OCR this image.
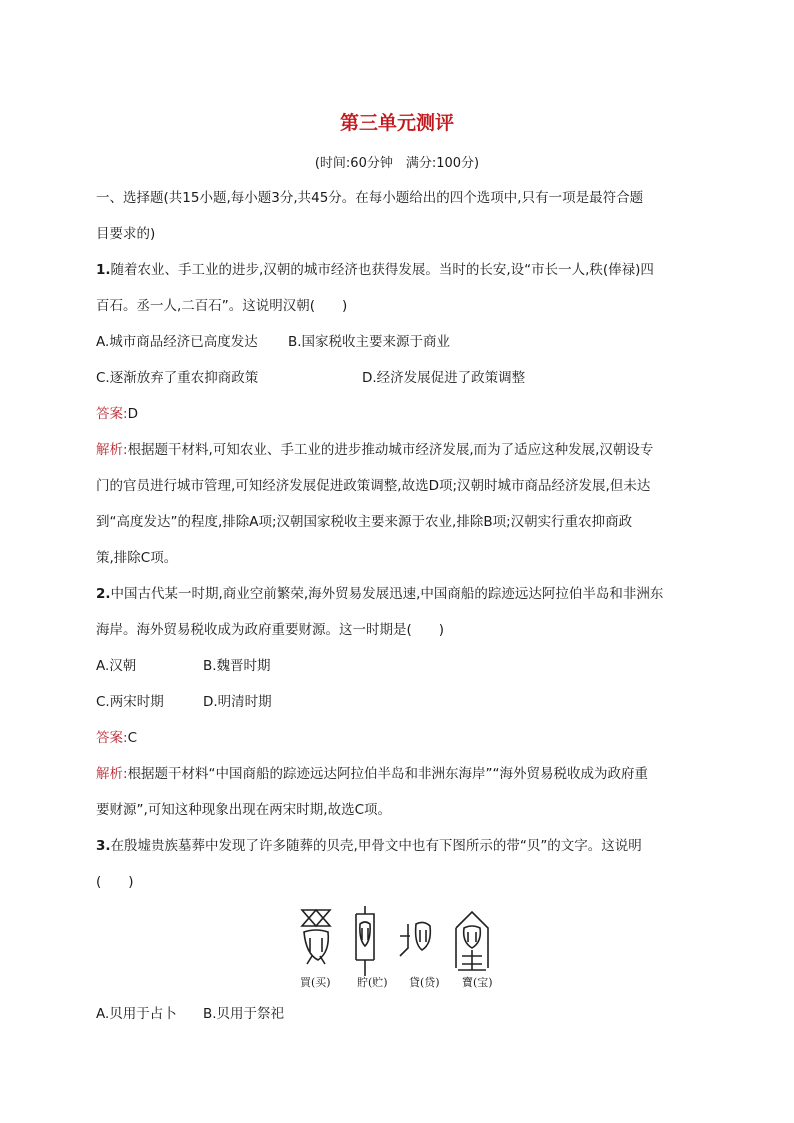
第三单元测评
(时间:60分钟　满分:100分)
一、选择题(共15小题,每小题3分,共45分。在每小题给出的四个选项中,只有一项是最符合题
目要求的)
1.随着农业、手工业的进步,汉朝的城市经济也获得发展。当时的长安,设“市长一人,秩(俸禄)四
百石。丞一人,二百石”。这说明汉朝(　　)
A.城市商品经济已高度发达 B.国家税收主要来源于商业
C.逐渐放弃了重农抑商政策	D.经济发展促进了政策调整
答案:D
解析:根据题干材料,可知农业、手工业的进步推动城市经济发展,而为了适应这种发展,汉朝设专
门的官员进行城市管理,可知经济发展促进政策调整,故选D项;汉朝时城市商品经济发展,但未达
到“高度发达”的程度,排除A项;汉朝国家税收主要来源于农业,排除B项;汉朝实行重农抑商政
策,排除C项。
2.中国古代某一时期,商业空前繁荣,海外贸易发展迅速,中国商船的踪迹远达阿拉伯半岛和非洲东
海岸。海外贸易税收成为政府重要财源。这一时期是(　　)
A.汉朝	B.魏晋时期
C.两宋时期	D.明清时期
答案:C
解析:根据题干材料“中国商船的踪迹远达阿拉伯半岛和非洲东海岸”“海外贸易税收成为政府重
要财源”,可知这种现象出现在两宋时期,故选C项。
3.在殷墟贵族墓葬中发现了许多随葬的贝壳,甲骨文中也有下图所示的带“贝”的文字。这说明
(　　)
買(买) 貯(贮) 貸(贷) 寶(宝)
A.贝用于占卜 B.贝用于祭祀
